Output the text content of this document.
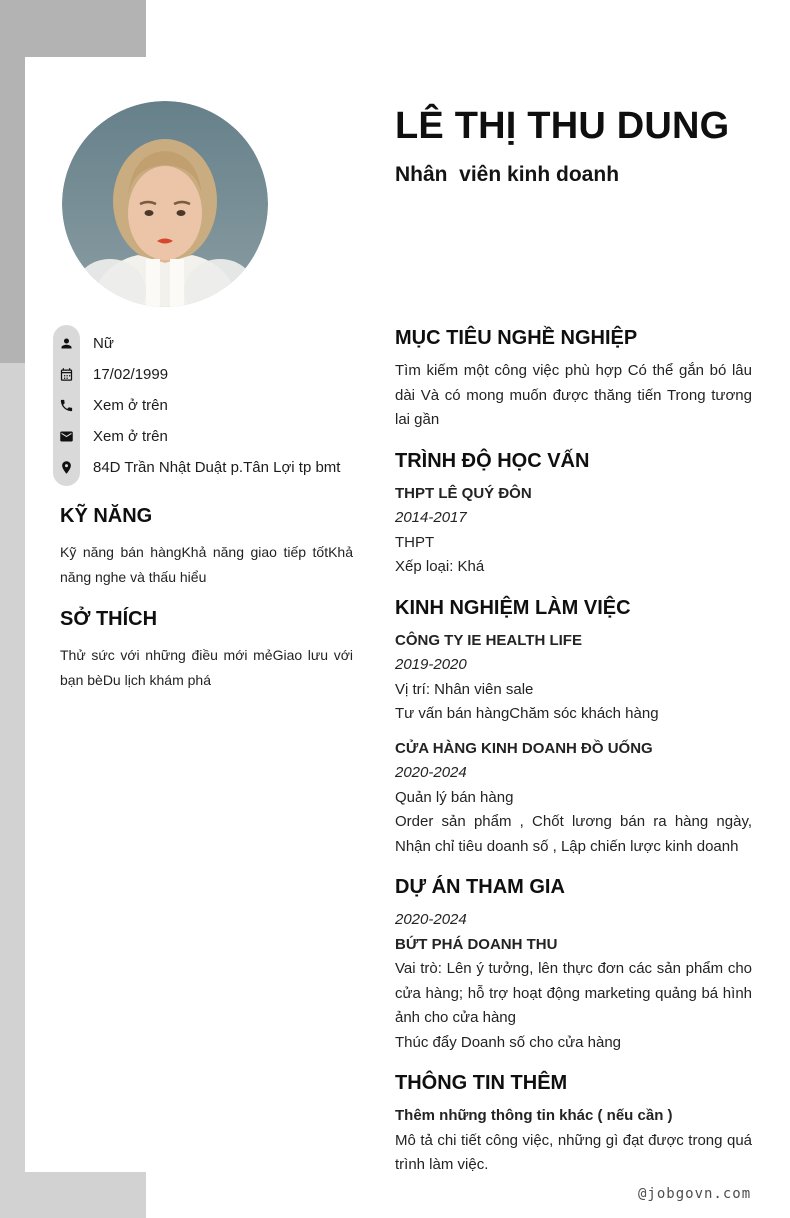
LÊ THỊ THU DUNG
Nhân  viên kinh doanh
Nữ
17/02/1999
Xem ở trên
Xem ở trên
84D Trần Nhật Duật p.Tân Lợi tp bmt
KỸ NĂNG

Kỹ năng bán hàngKhả năng giao tiếp tốtKhả năng nghe và thấu hiểu

SỞ THÍCH

Thử sức với những điều mới mẻGiao lưu với bạn bèDu lịch khám phá

MỤC TIÊU NGHỀ NGHIỆP

Tìm kiếm một công việc phù hợp Có thể gắn bó lâu dài Và có mong muốn được thăng tiến Trong tương lai gần

TRÌNH ĐỘ HỌC VẤN

THPT LÊ QUÝ ĐÔN

2014-2017

THPT

Xếp loại: Khá

KINH NGHIỆM LÀM VIỆC

CÔNG TY IE HEALTH LIFE

2019-2020

Vị trí: Nhân viên sale

Tư vấn bán hàngChăm sóc khách hàng

CỬA HÀNG KINH DOANH ĐỒ UỐNG

2020-2024

Quản lý bán hàng

Order sản phẩm , Chốt lương bán ra hàng ngày, Nhận chỉ tiêu doanh số , Lập chiến lược kinh doanh

DỰ ÁN THAM GIA

2020-2024

BỨT PHÁ DOANH THU

Vai trò: Lên ý tưởng, lên thực đơn các sản phẩm cho cửa hàng; hỗ trợ hoạt động marketing quảng bá hình ảnh cho cửa hàng

Thúc đẩy Doanh số cho cửa hàng

THÔNG TIN THÊM

Thêm những thông tin khác ( nếu cần )

Mô tả chi tiết công việc, những gì đạt được trong quá trình làm việc.

@jobgovn.com
